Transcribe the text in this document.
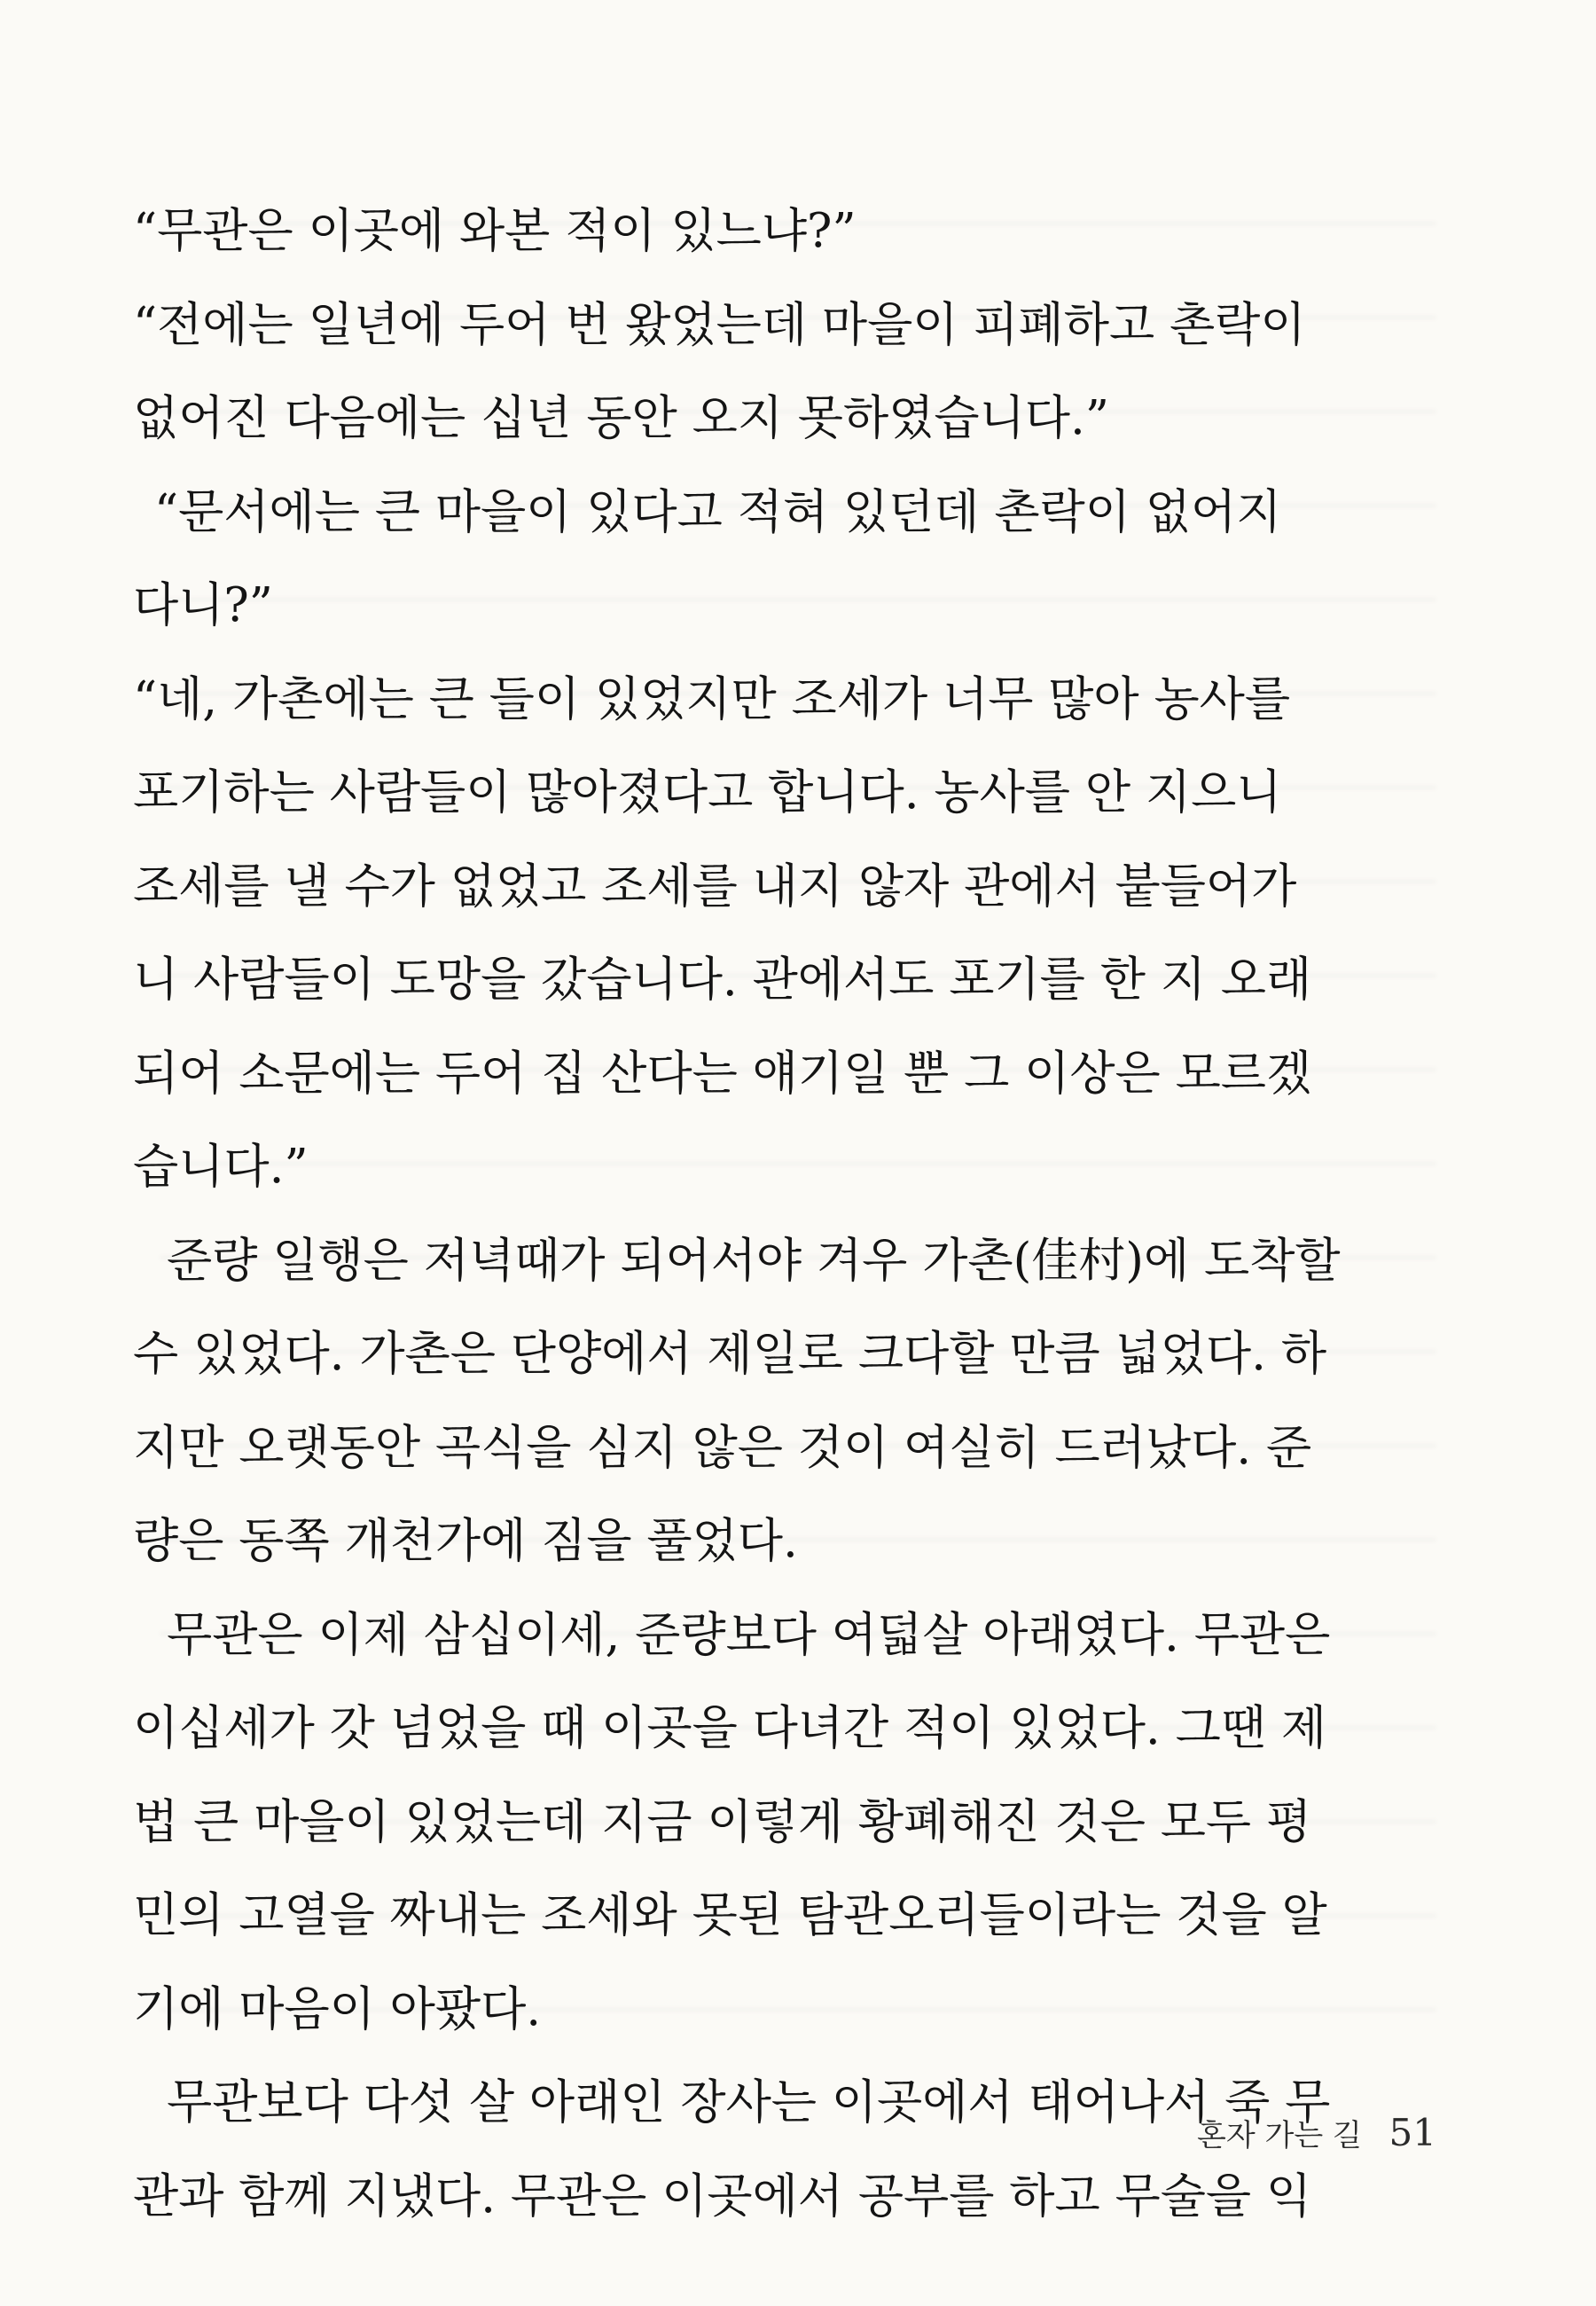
“무관은 이곳에 와본 적이 있느냐?”

“전에는 일년에 두어 번 왔었는데 마을이 피폐하고 촌락이

없어진 다음에는 십년 동안 오지 못하였습니다.”

“문서에는 큰 마을이 있다고 적혀 있던데 촌락이 없어지

다니?”

“네, 가촌에는 큰 들이 있었지만 조세가 너무 많아 농사를

포기하는 사람들이 많아졌다고 합니다. 농사를 안 지으니

조세를 낼 수가 없었고 조세를 내지 않자 관에서 붙들어가

니 사람들이 도망을 갔습니다. 관에서도 포기를 한 지 오래

되어 소문에는 두어 집 산다는 얘기일 뿐 그 이상은 모르겠

습니다.”

준량 일행은 저녁때가 되어서야 겨우 가촌(佳村)에 도착할

수 있었다. 가촌은 단양에서 제일로 크다할 만큼 넓었다. 하

지만 오랫동안 곡식을 심지 않은 것이 여실히 드러났다. 준

량은 동쪽 개천가에 짐을 풀었다.

무관은 이제 삼십이세, 준량보다 여덟살 아래였다. 무관은

이십세가 갓 넘었을 때 이곳을 다녀간 적이 있었다. 그땐 제

법 큰 마을이 있었는데 지금 이렇게 황폐해진 것은 모두 평

민의 고열을 짜내는 조세와 못된 탐관오리들이라는 것을 알

기에 마음이 아팠다.

무관보다 다섯 살 아래인 장사는 이곳에서 태어나서 죽 무

관과 함께 지냈다. 무관은 이곳에서 공부를 하고 무술을 익

혼자 가는 길 51
